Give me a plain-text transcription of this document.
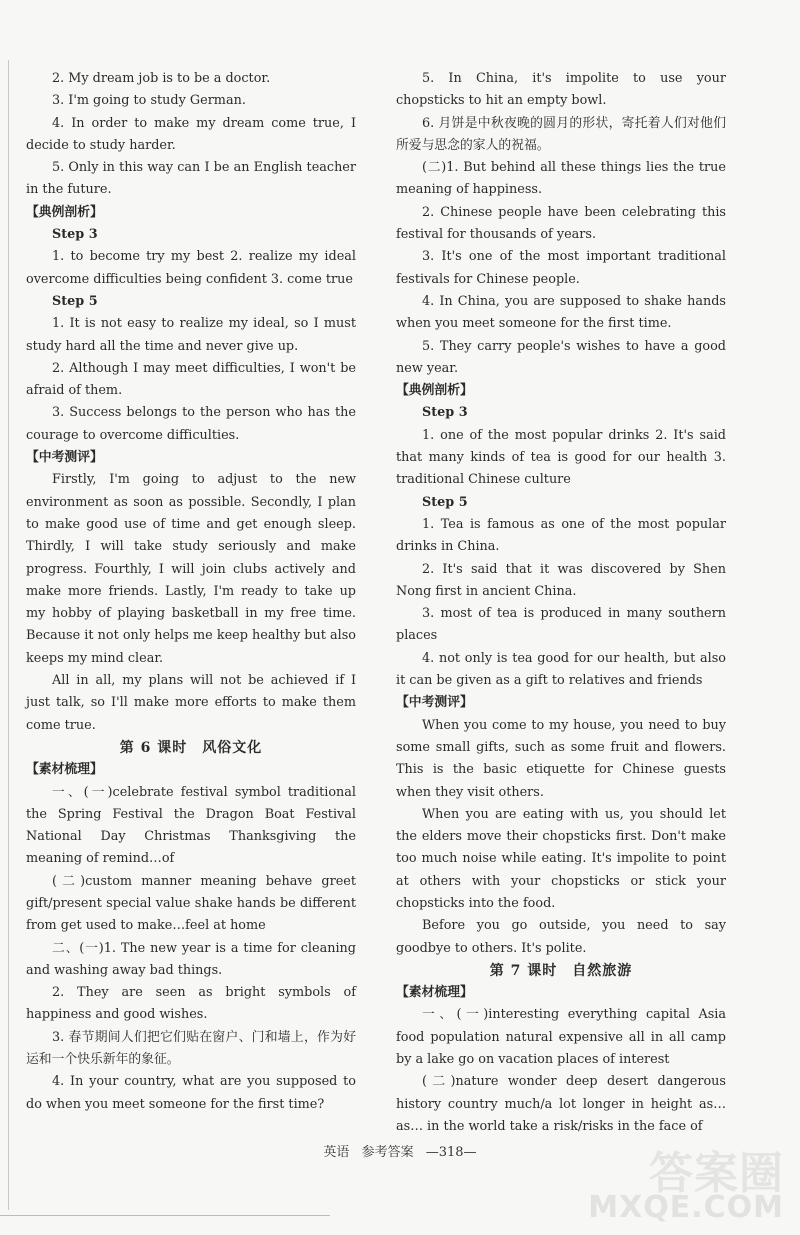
2. My dream job is to be a doctor.

3. I'm going to study German.

4. In order to make my dream come true, I decide to study harder.

5. Only in this way can I be an English teacher in the future.

【典例剖析】

Step 3

1. to become try my best 2. realize my ideal overcome difficulties being confident 3. come true

Step 5

1. It is not easy to realize my ideal, so I must study hard all the time and never give up.

2. Although I may meet difficulties, I won't be afraid of them.

3. Success belongs to the person who has the courage to overcome difficulties.

【中考测评】

Firstly, I'm going to adjust to the new environment as soon as possible. Secondly, I plan to make good use of time and get enough sleep. Thirdly, I will take study seriously and make progress. Fourthly, I will join clubs actively and make more friends. Lastly, I'm ready to take up my hobby of playing basketball in my free time. Because it not only helps me keep healthy but also keeps my mind clear.

All in all, my plans will not be achieved if I just talk, so I'll make more efforts to make them come true.

第 6 课时　风俗文化

【素材梳理】

一、(一)celebrate festival symbol traditional the Spring Festival the Dragon Boat Festival National Day Christmas Thanksgiving the meaning of remind…of

(二)custom manner meaning behave greet gift/present special value shake hands be different from get used to make…feel at home

二、(一)1. The new year is a time for cleaning and washing away bad things.

2. They are seen as bright symbols of happiness and good wishes.

3. 春节期间人们把它们贴在窗户、门和墙上，作为好运和一个快乐新年的象征。

4. In your country, what are you supposed to do when you meet someone for the first time?

5. In China, it's impolite to use your chopsticks to hit an empty bowl.

6. 月饼是中秋夜晚的圆月的形状，寄托着人们对他们所爱与思念的家人的祝福。

(二)1. But behind all these things lies the true meaning of happiness.

2. Chinese people have been celebrating this festival for thousands of years.

3. It's one of the most important traditional festivals for Chinese people.

4. In China, you are supposed to shake hands when you meet someone for the first time.

5. They carry people's wishes to have a good new year.

【典例剖析】

Step 3

1. one of the most popular drinks 2. It's said that many kinds of tea is good for our health 3. traditional Chinese culture

Step 5

1. Tea is famous as one of the most popular drinks in China.

2. It's said that it was discovered by Shen Nong first in ancient China.

3. most of tea is produced in many southern places

4. not only is tea good for our health, but also it can be given as a gift to relatives and friends

【中考测评】

When you come to my house, you need to buy some small gifts, such as some fruit and flowers. This is the basic etiquette for Chinese guests when they visit others.

When you are eating with us, you should let the elders move their chopsticks first. Don't make too much noise while eating. It's impolite to point at others with your chopsticks or stick your chopsticks into the food.

Before you go outside, you need to say goodbye to others. It's polite.

第 7 课时　自然旅游

【素材梳理】

一、(一)interesting everything capital Asia food population natural expensive all in all camp by a lake go on vacation places of interest

(二)nature wonder deep desert dangerous history country much/a lot longer in height as…as… in the world take a risk/risks in the face of

英语 参考答案 —318—	答案圈
MXQE.COM
